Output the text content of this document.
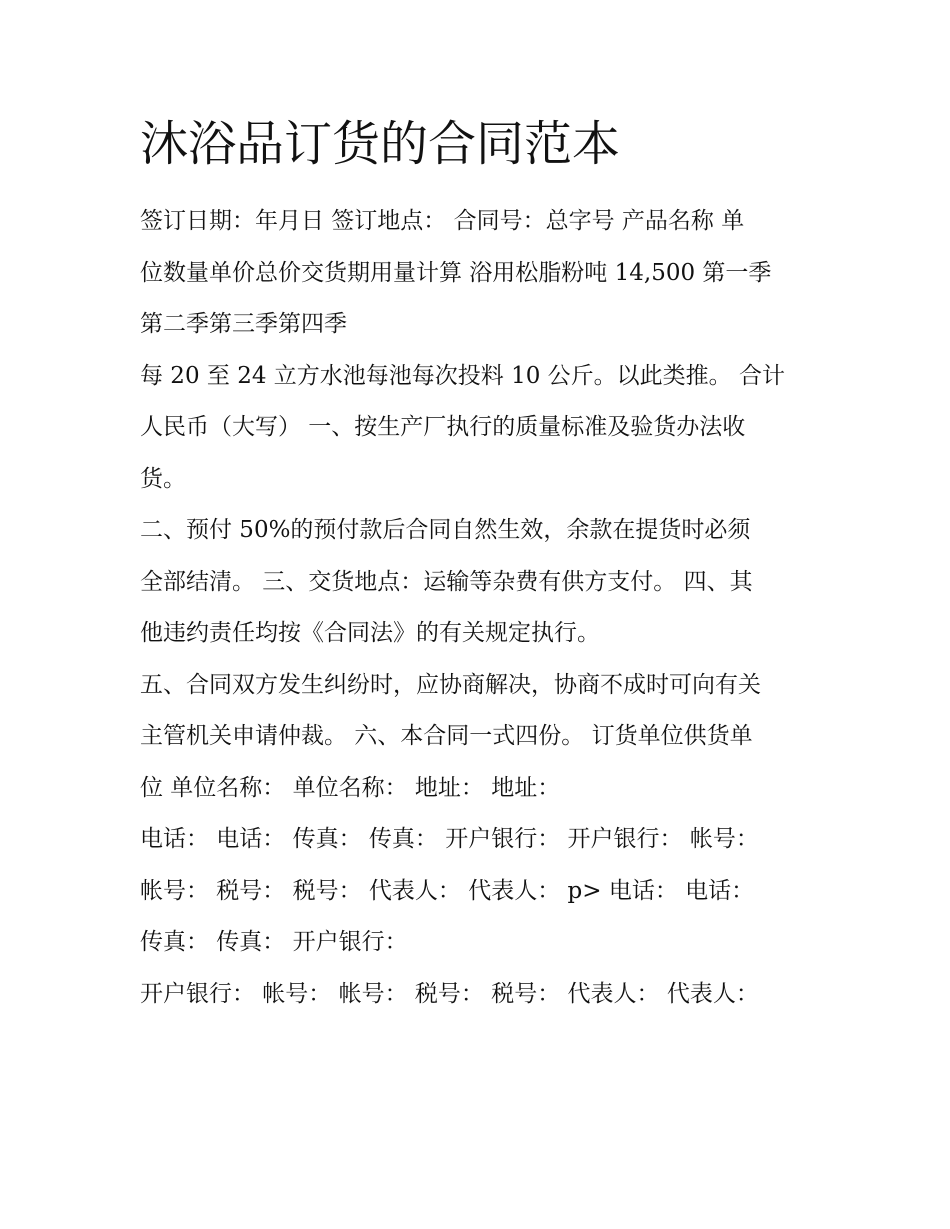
沐浴品订货的合同范本
签订日期：年月日 签订地点： 合同号：总字号 产品名称 单
位数量单价总价交货期用量计算 浴用松脂粉吨 14,500 第一季
第二季第三季第四季
每 20 至 24 立方水池每池每次投料 10 公斤。以此类推。 合计
人民币（大写） 一、按生产厂执行的质量标准及验货办法收
货。
二、预付 50%的预付款后合同自然生效，余款在提货时必须
全部结清。 三、交货地点：运输等杂费有供方支付。 四、其
他违约责任均按《合同法》的有关规定执行。
五、合同双方发生纠纷时，应协商解决，协商不成时可向有关
主管机关申请仲裁。 六、本合同一式四份。 订货单位供货单
位 单位名称： 单位名称： 地址： 地址：
电话： 电话： 传真： 传真： 开户银行： 开户银行： 帐号：
帐号： 税号： 税号： 代表人： 代表人： p> 电话： 电话：
传真： 传真： 开户银行：
开户银行： 帐号： 帐号： 税号： 税号： 代表人： 代表人：
